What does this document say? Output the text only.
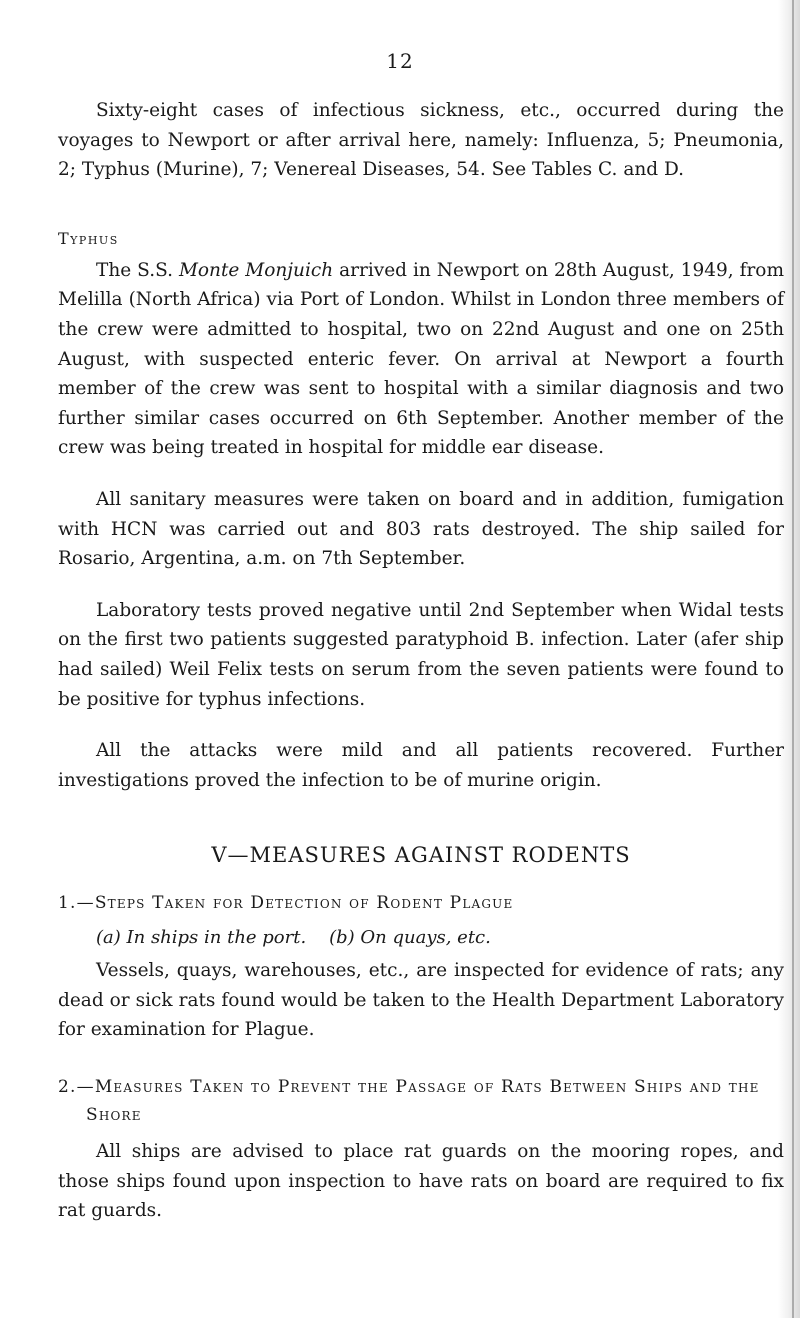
12

Sixty-eight cases of infectious sickness, etc., occurred during the voyages to Newport or after arrival here, namely: Influenza, 5; Pneumonia, 2; Typhus (Murine), 7; Venereal Diseases, 54. See Tables C. and D.

Typhus

The S.S. Monte Monjuich arrived in Newport on 28th August, 1949, from Melilla (North Africa) via Port of London. Whilst in London three members of the crew were admitted to hospital, two on 22nd August and one on 25th August, with suspected enteric fever. On arrival at Newport a fourth member of the crew was sent to hospital with a similar diagnosis and two further similar cases occurred on 6th September. Another member of the crew was being treated in hospital for middle ear disease.

All sanitary measures were taken on board and in addition, fumigation with HCN was carried out and 803 rats destroyed. The ship sailed for Rosario, Argentina, a.m. on 7th September.

Laboratory tests proved negative until 2nd September when Widal tests on the first two patients suggested paratyphoid B. infection. Later (afer ship had sailed) Weil Felix tests on serum from the seven patients were found to be positive for typhus infections.

All the attacks were mild and all patients recovered. Further investigations proved the infection to be of murine origin.

V—MEASURES AGAINST RODENTS
1.—Steps Taken for Detection of Rodent Plague
(a) In ships in the port. (b) On quays, etc.

Vessels, quays, warehouses, etc., are inspected for evidence of rats; any dead or sick rats found would be taken to the Health Department Laboratory for examination for Plague.

2.—Measures Taken to Prevent the Passage of Rats Between Ships and the Shore

All ships are advised to place rat guards on the mooring ropes, and those ships found upon inspection to have rats on board are required to fix rat guards.
